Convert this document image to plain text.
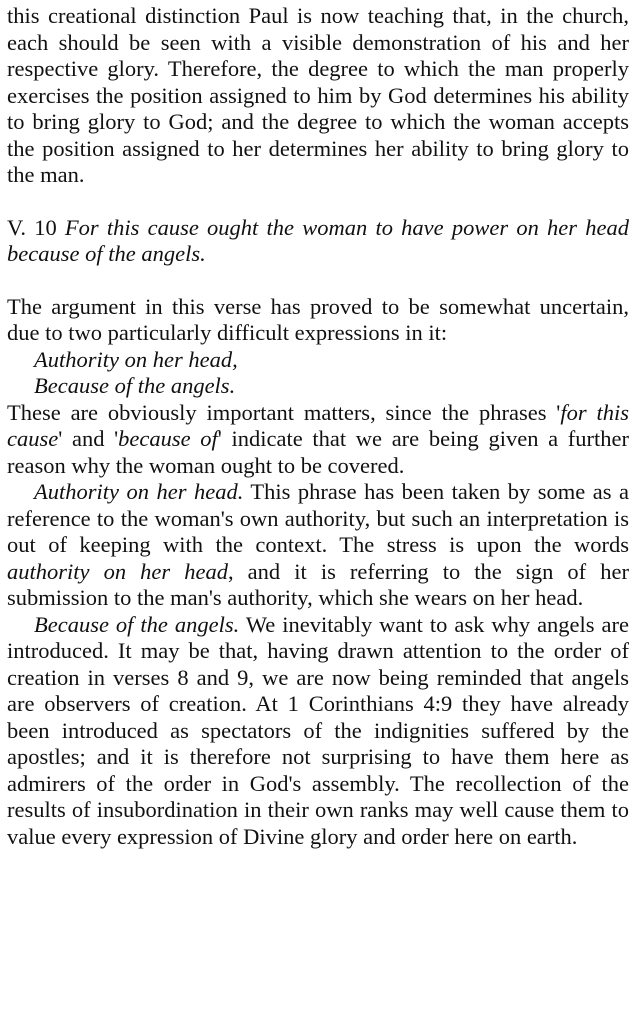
this creational distinction Paul is now teaching that, in the church, each should be seen with a visible demonstration of his and her respective glory. Therefore, the degree to which the man properly exercises the position assigned to him by God determines his ability to bring glory to God; and the degree to which the woman accepts the position assigned to her determines her ability to bring glory to the man.

V. 10 For this cause ought the woman to have power on her head because of the angels.

The argument in this verse has proved to be somewhat uncertain, due to two particularly difficult expressions in it:

Authority on her head,

Because of the angels.

These are obviously important matters, since the phrases 'for this cause' and 'because of' indicate that we are being given a further reason why the woman ought to be covered.

Authority on her head. This phrase has been taken by some as a reference to the woman's own authority, but such an interpretation is out of keeping with the context. The stress is upon the words authority on her head, and it is referring to the sign of her submission to the man's authority, which she wears on her head.

Because of the angels. We inevitably want to ask why angels are introduced. It may be that, having drawn attention to the order of creation in verses 8 and 9, we are now being reminded that angels are observers of creation. At 1 Corinthians 4:9 they have already been introduced as spectators of the indignities suffered by the apostles; and it is therefore not surprising to have them here as admirers of the order in God's assembly. The recollection of the results of insubordination in their own ranks may well cause them to value every expression of Divine glory and order here on earth.
